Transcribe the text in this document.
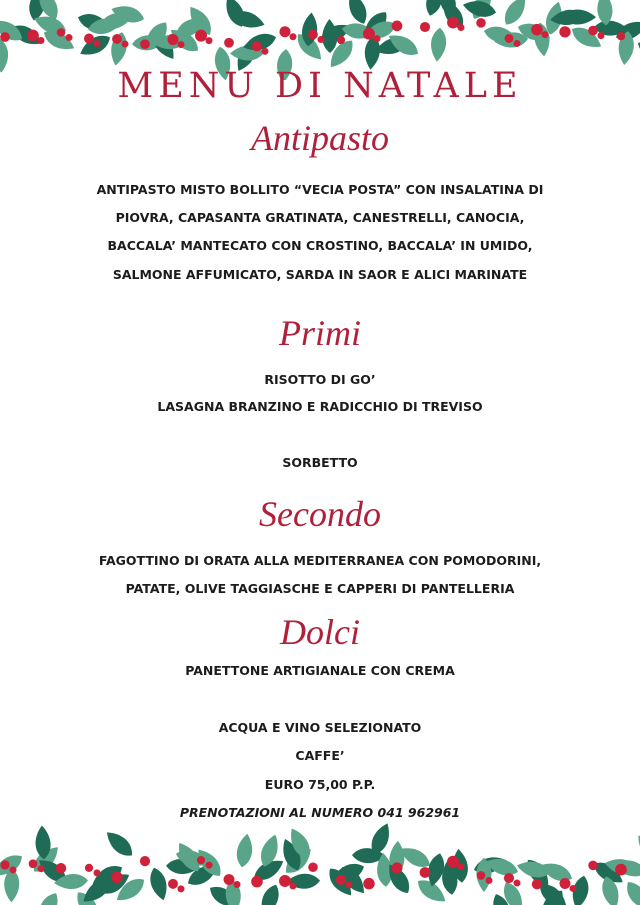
MENU DI NATALE
Antipasto
ANTIPASTO MISTO BOLLITO “VECIA POSTA” CON INSALATINA DI
PIOVRA, CAPASANTA GRATINATA, CANESTRELLI, CANOCIA,
BACCALA’ MANTECATO CON CROSTINO, BACCALA’ IN UMIDO,
SALMONE AFFUMICATO, SARDA IN SAOR E ALICI MARINATE
Primi
RISOTTO DI GO’
LASAGNA BRANZINO E RADICCHIO DI TREVISO
SORBETTO
Secondo
FAGOTTINO DI ORATA ALLA MEDITERRANEA CON POMODORINI,
PATATE, OLIVE TAGGIASCHE E CAPPERI DI PANTELLERIA
Dolci
PANETTONE ARTIGIANALE CON CREMA
ACQUA E VINO SELEZIONATO
CAFFE’
EURO 75,00 P.P.
PRENOTAZIONI AL NUMERO 041 962961
